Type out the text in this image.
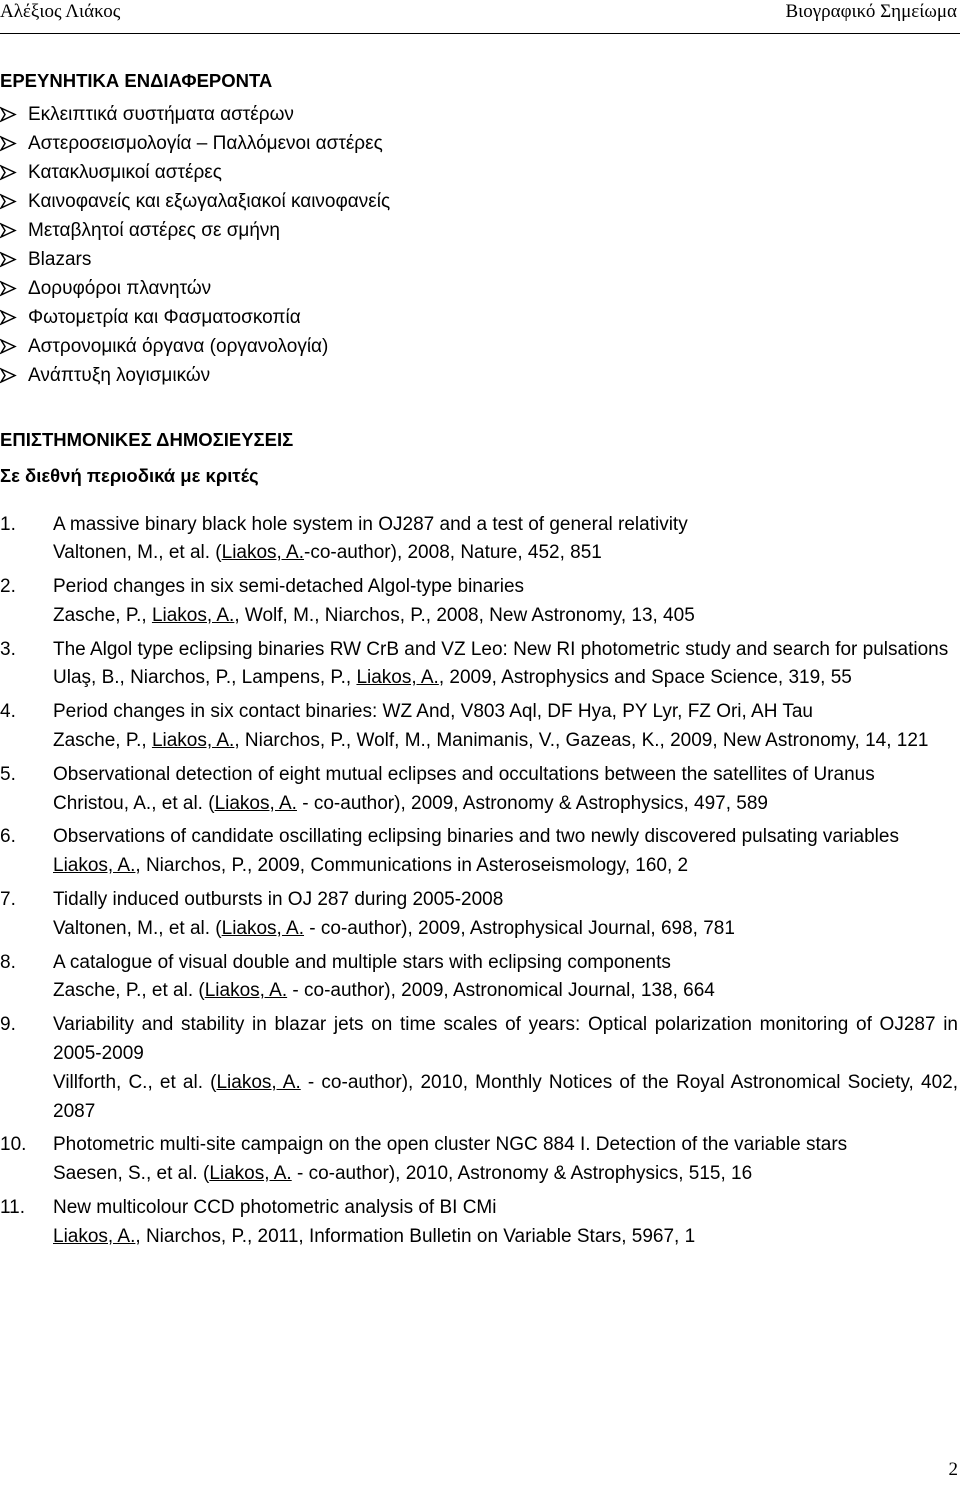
Αλέξιος Λιάκος	Βιογραφικό Σημείωμα
ΕΡΕΥΝΗΤΙΚΑ ΕΝΔΙΑΦΕΡΟΝΤΑ
Εκλειπτικά συστήματα αστέρων
Αστεροσεισμολογία – Παλλόμενοι αστέρες
Κατακλυσμικοί αστέρες
Καινοφανείς και εξωγαλαξιακοί καινοφανείς
Μεταβλητοί αστέρες σε σμήνη
Blazars
Δορυφόροι πλανητών
Φωτομετρία και Φασματοσκοπία
Αστρονομικά όργανα (οργανολογία)
Ανάπτυξη λογισμικών
ΕΠΙΣΤΗΜΟΝΙΚΕΣ ΔΗΜΟΣΙΕΥΣΕΙΣ
Σε διεθνή περιοδικά με κριτές
1. A massive binary black hole system in OJ287 and a test of general relativity
Valtonen, M., et al. (Liakos, A.-co-author), 2008, Nature, 452, 851
2. Period changes in six semi-detached Algol-type binaries
Zasche, P., Liakos, A., Wolf, M., Niarchos, P., 2008, New Astronomy, 13, 405
3. The Algol type eclipsing binaries RW CrB and VZ Leo: New RI photometric study and search for pulsations
Ulaş, B., Niarchos, P., Lampens, P., Liakos, A., 2009, Astrophysics and Space Science, 319, 55
4. Period changes in six contact binaries: WZ And, V803 Aql, DF Hya, PY Lyr, FZ Ori, AH Tau
Zasche, P., Liakos, A., Niarchos, P., Wolf, M., Manimanis, V., Gazeas, K., 2009, New Astronomy, 14, 121
5. Observational detection of eight mutual eclipses and occultations between the satellites of Uranus
Christou, A., et al. (Liakos, A. - co-author), 2009, Astronomy & Astrophysics, 497, 589
6. Observations of candidate oscillating eclipsing binaries and two newly discovered pulsating variables
Liakos, A., Niarchos, P., 2009, Communications in Asteroseismology, 160, 2
7. Tidally induced outbursts in OJ 287 during 2005-2008
Valtonen, M., et al. (Liakos, A. - co-author), 2009, Astrophysical Journal, 698, 781
8. A catalogue of visual double and multiple stars with eclipsing components
Zasche, P., et al. (Liakos, A. - co-author), 2009, Astronomical Journal, 138, 664
9. Variability and stability in blazar jets on time scales of years: Optical polarization monitoring of OJ287 in 2005-2009
Villforth, C., et al. (Liakos, A. - co-author), 2010, Monthly Notices of the Royal Astronomical Society, 402, 2087
10. Photometric multi-site campaign on the open cluster NGC 884 I. Detection of the variable stars
Saesen, S., et al. (Liakos, A. - co-author), 2010, Astronomy & Astrophysics, 515, 16
11. New multicolour CCD photometric analysis of BI CMi
Liakos, A., Niarchos, P., 2011, Information Bulletin on Variable Stars, 5967, 1
2
